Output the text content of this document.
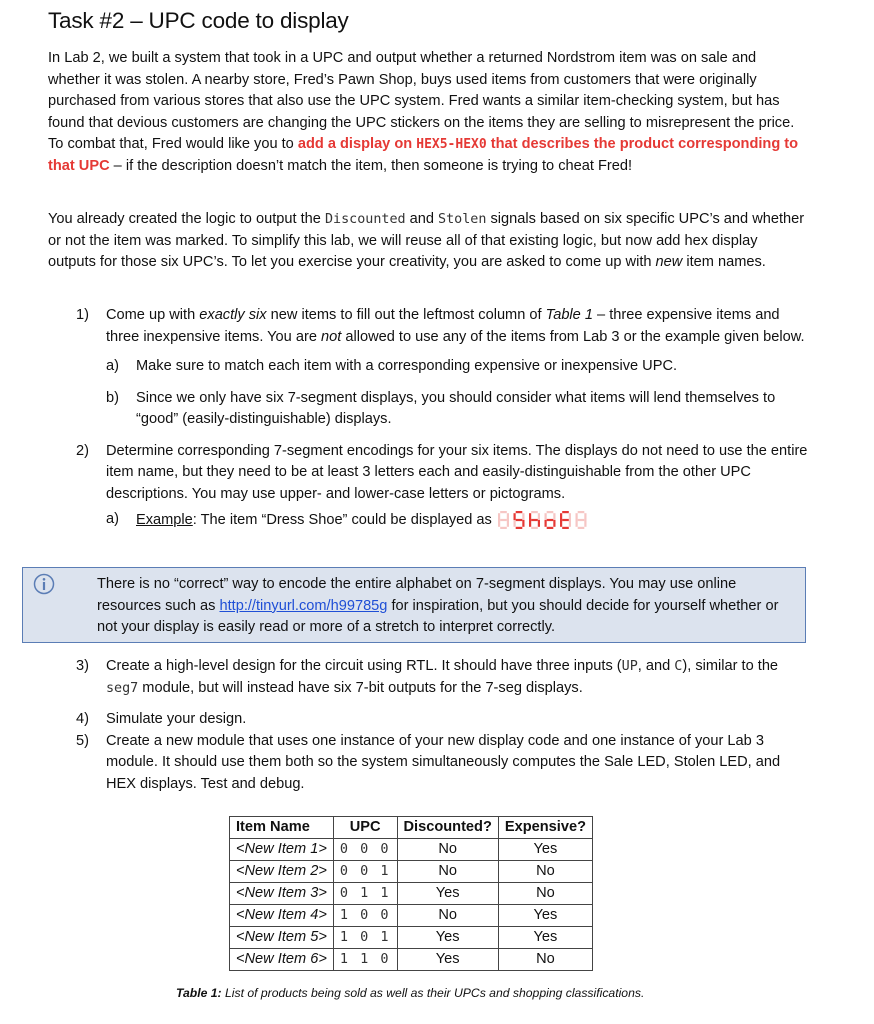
Task #2 – UPC code to display
In Lab 2, we built a system that took in a UPC and output whether a returned Nordstrom item was on sale and whether it was stolen. A nearby store, Fred’s Pawn Shop, buys used items from customers that were originally purchased from various stores that also use the UPC system. Fred wants a similar item-checking system, but has found that devious customers are changing the UPC stickers on the items they are selling to misrepresent the price. To combat that, Fred would like you to add a display on HEX5-HEX0 that describes the product corresponding to that UPC – if the description doesn’t match the item, then someone is trying to cheat Fred!
You already created the logic to output the Discounted and Stolen signals based on six specific UPC’s and whether or not the item was marked. To simplify this lab, we will reuse all of that existing logic, but now add hex display outputs for those six UPC’s. To let you exercise your creativity, you are asked to come up with new item names.
1) Come up with exactly six new items to fill out the leftmost column of Table 1 – three expensive items and three inexpensive items. You are not allowed to use any of the items from Lab 3 or the example given below.
a) Make sure to match each item with a corresponding expensive or inexpensive UPC.
b) Since we only have six 7-segment displays, you should consider what items will lend themselves to “good” (easily-distinguishable) displays.
2) Determine corresponding 7-segment encodings for your six items. The displays do not need to use the entire item name, but they need to be at least 3 letters each and easily-distinguishable from the other UPC descriptions. You may use upper- and lower-case letters or pictograms.
a) Example: The item “Dress Shoe” could be displayed as
There is no “correct” way to encode the entire alphabet on 7-segment displays. You may use online resources such as http://tinyurl.com/h99785g for inspiration, but you should decide for yourself whether or not your display is easily read or more of a stretch to interpret correctly.
3) Create a high-level design for the circuit using RTL. It should have three inputs (UP, and C), similar to the seg7 module, but will instead have six 7-bit outputs for the 7-seg displays.
4) Simulate your design.
5) Create a new module that uses one instance of your new display code and one instance of your Lab 3 module. It should use them both so the system simultaneously computes the Sale LED, Stolen LED, and HEX displays. Test and debug.
Item Name	UPC	Discounted?	Expensive?
<New Item 1>	0 0 0	No	Yes
<New Item 2>	0 0 1	No	No
<New Item 3>	0 1 1	Yes	No
<New Item 4>	1 0 0	No	Yes
<New Item 5>	1 0 1	Yes	Yes
<New Item 6>	1 1 0	Yes	No
Table 1: List of products being sold as well as their UPCs and shopping classifications.
